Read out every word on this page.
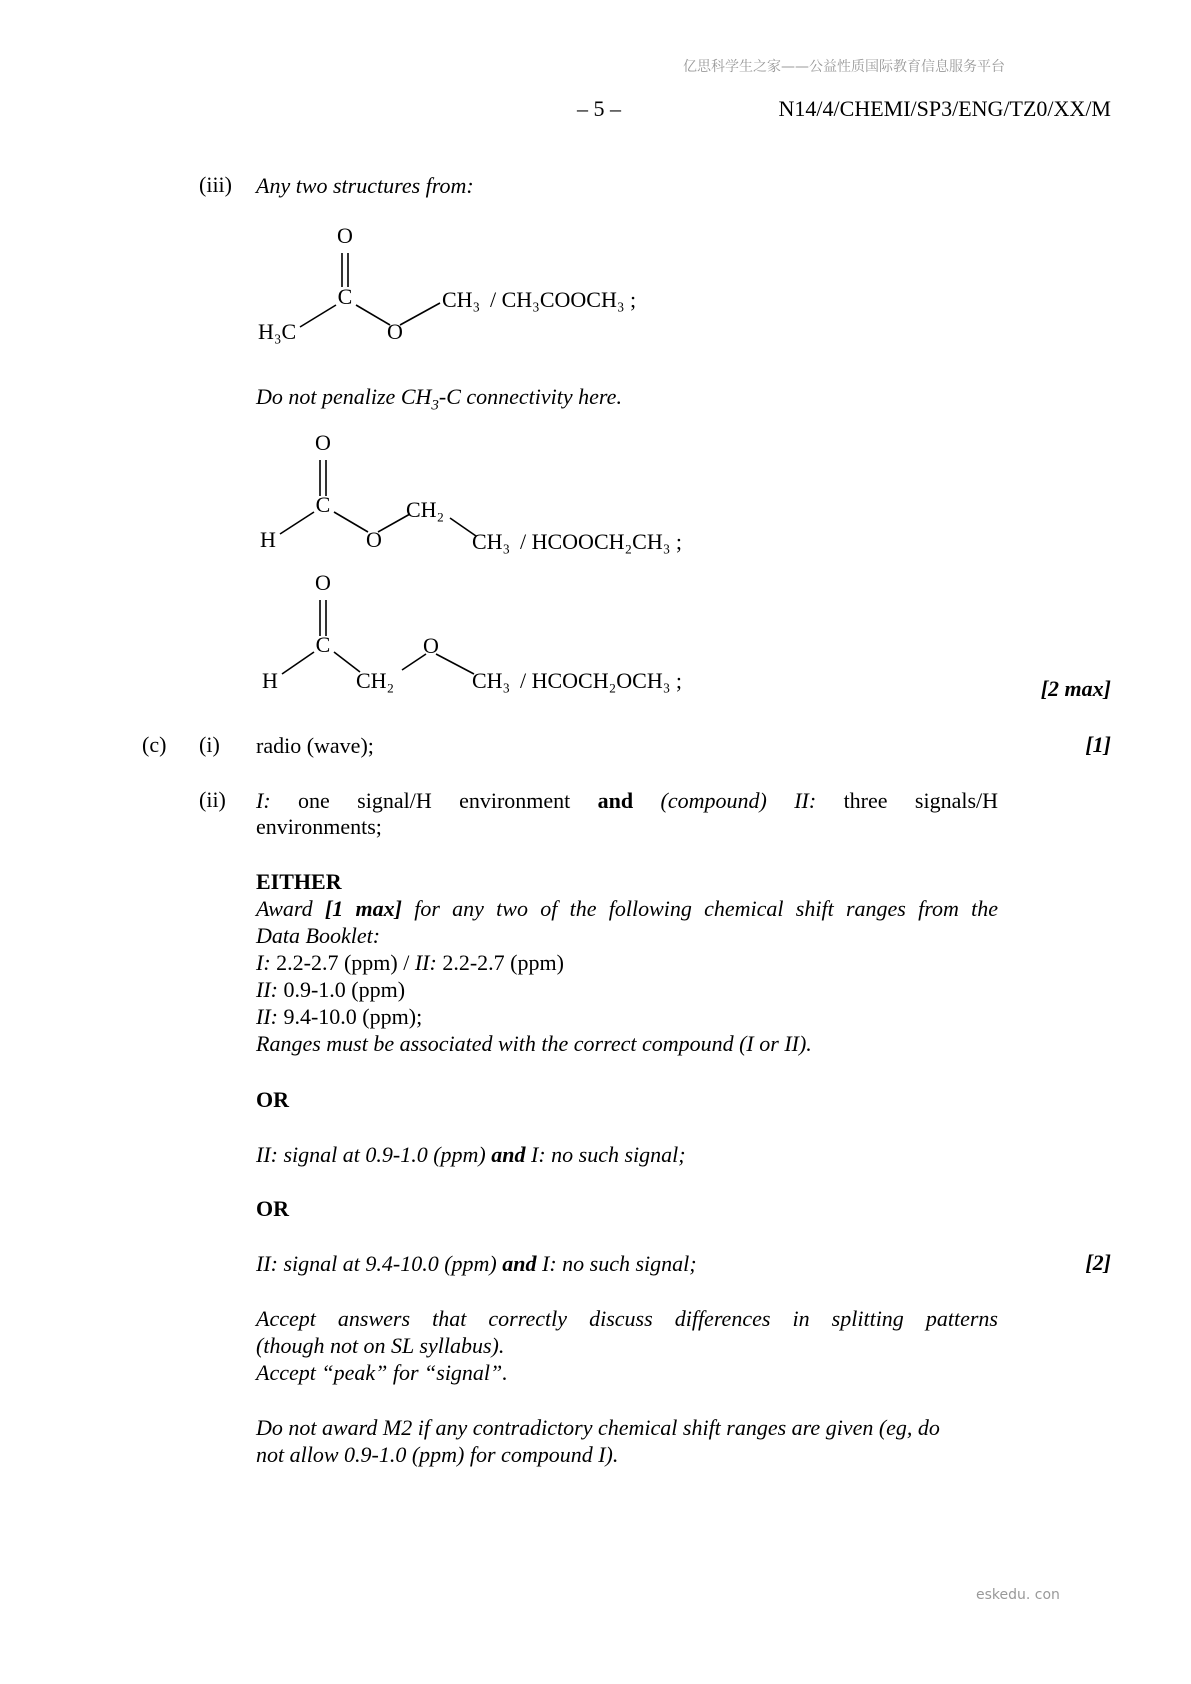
亿思科学生之家——公益性质国际教育信息服务平台
– 5 –	N14/4/CHEMI/SP3/ENG/TZ0/XX/M
(iii) Any two structures from:
O
C
H₃C	O
CH₃ / CH₃COOCH₃ ;
Do not penalize $CH_3-C$ connectivity here.
O
C
H	O
CH₂
CH₃ / HCOOCH₂CH₃ ;
O
C
H	CH₂
O
CH₃ / HCOCH₂OCH₃ ;	[2 max]
(c) (i) radio (wave);	[1]
(ii) I: one signal/H environment and (compound) II: three signals/H
environments;
EITHER
Award [1 max] for any two of the following chemical shift ranges from the
Data Booklet:
I: 2.2-2.7 (ppm) / II: 2.2-2.7 (ppm)
II: 0.9-1.0 (ppm)
II: 9.4-10.0 (ppm);
Ranges must be associated with the correct compound (I or II).
OR
II: signal at 0.9-1.0 (ppm) and I: no such signal;
OR
II: signal at 9.4-10.0 (ppm) and I: no such signal;	[2]
Accept answers that correctly discuss differences in splitting patterns
(though not on SL syllabus).
Accept “peak” for “signal”.
Do not award M2 if any contradictory chemical shift ranges are given (eg, do
not allow 0.9-1.0 (ppm) for compound I).
eskedu. con
